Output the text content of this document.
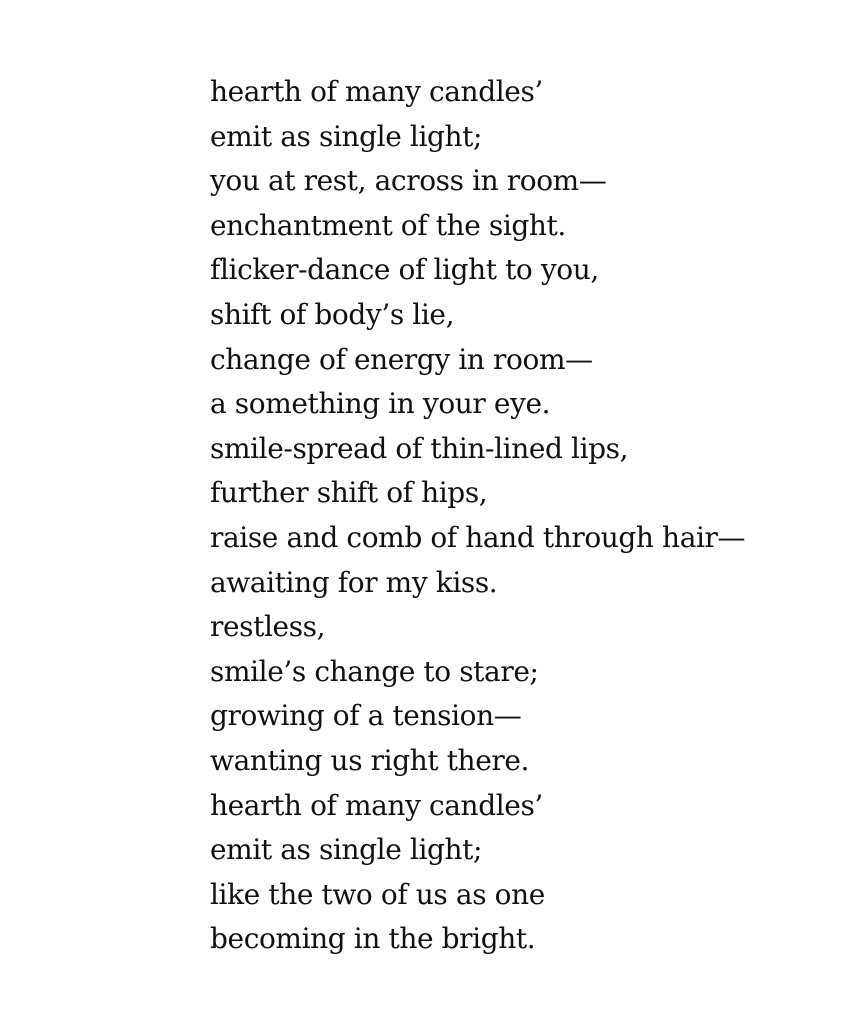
hearth of many candles’
emit as single light;
you at rest, across in room—
enchantment of the sight.
flicker-dance of light to you,
shift of body’s lie,
change of energy in room—
a something in your eye.
smile-spread of thin-lined lips,
further shift of hips,
raise and comb of hand through hair—
awaiting for my kiss.
restless,
smile’s change to stare;
growing of a tension—
wanting us right there.
hearth of many candles’
emit as single light;
like the two of us as one
becoming in the bright.
